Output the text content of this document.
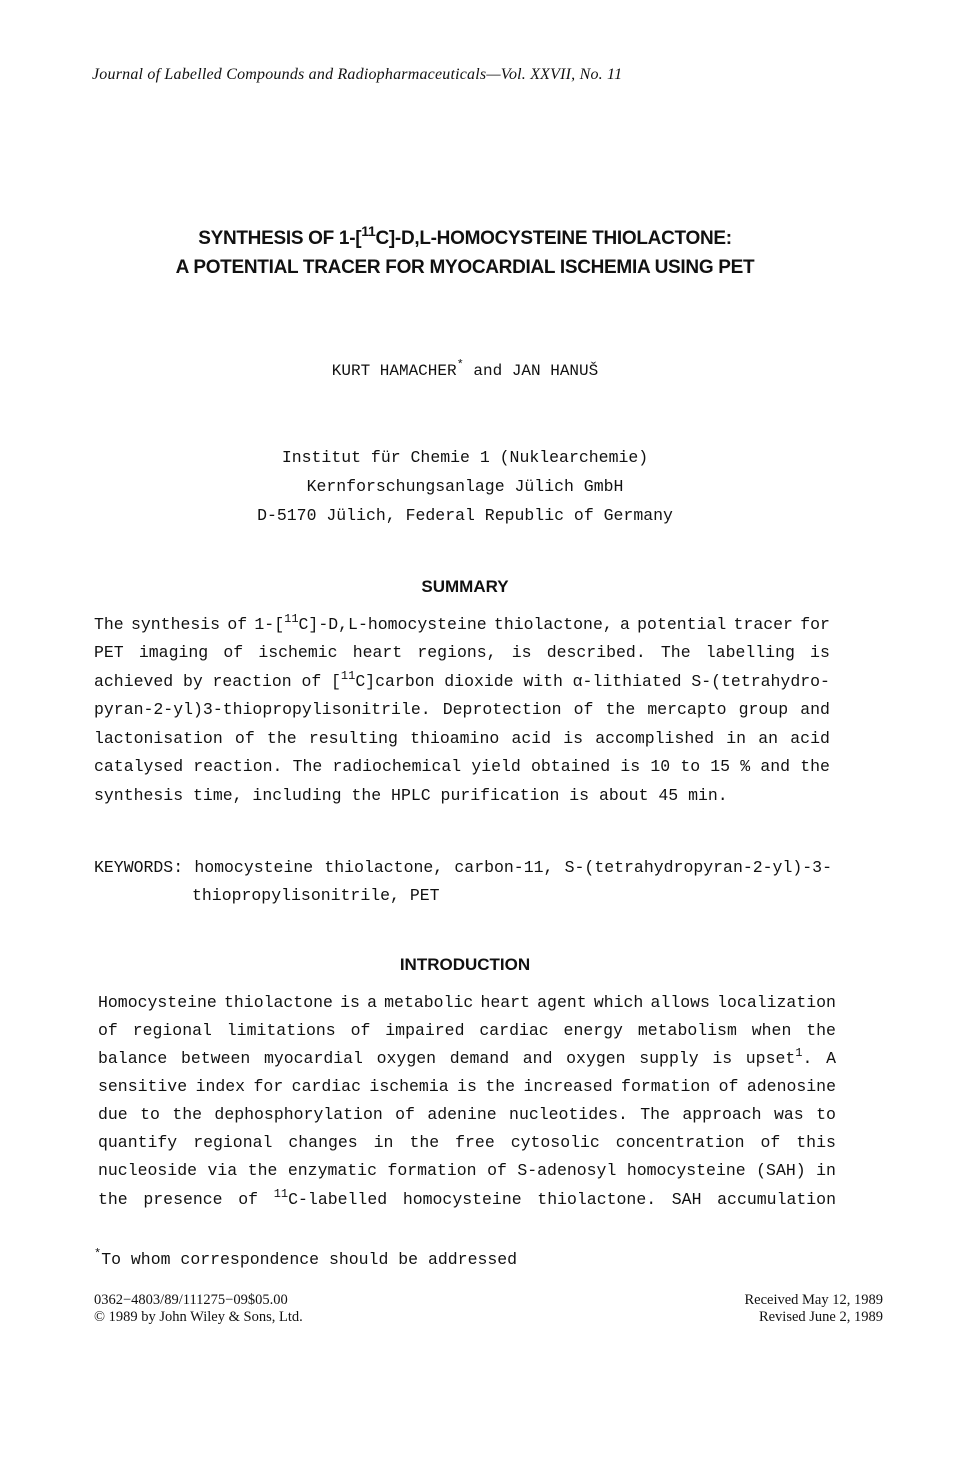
Journal of Labelled Compounds and Radiopharmaceuticals—Vol. XXVII, No. 11
SYNTHESIS OF 1-[$^{11}$C]-D,L-HOMOCYSTEINE THIOLACTONE:
A POTENTIAL TRACER FOR MYOCARDIAL ISCHEMIA USING PET
KURT HAMACHER* and JAN HANUŠ
Institut für Chemie 1 (Nuklearchemie)
Kernforschungsanlage Jülich GmbH
D-5170 Jülich, Federal Republic of Germany
SUMMARY
The synthesis of 1-[$^{11}$C]-D,L-homocysteine thiolactone, a potential tracer for
PET imaging of ischemic heart regions, is described. The labelling is
achieved by reaction of [$^{11}$C]carbon dioxide with α-lithiated S-(tetrahydro-
pyran-2-yl)3-thiopropylisonitrile. Deprotection of the mercapto group and
lactonisation of the resulting thioamino acid is accomplished in an acid
catalysed reaction. The radiochemical yield obtained is 10 to 15 % and the
synthesis time, including the HPLC purification is about 45 min.
KEYWORDS: homocysteine thiolactone, carbon-11, S-(tetrahydropyran-2-yl)-3-
thiopropylisonitrile, PET
INTRODUCTION
Homocysteine thiolactone is a metabolic heart agent which allows localization
of regional limitations of impaired cardiac energy metabolism when the
balance between myocardial oxygen demand and oxygen supply is upset$^1$. A
sensitive index for cardiac ischemia is the increased formation of adenosine
due to the dephosphorylation of adenine nucleotides. The approach was to
quantify regional changes in the free cytosolic concentration of this
nucleoside via the enzymatic formation of S-adenosyl homocysteine (SAH) in
the presence of $^{11}$C-labelled homocysteine thiolactone. SAH accumulation
*To whom correspondence should be addressed
0362−4803/89/111275−09$05.00
© 1989 by John Wiley & Sons, Ltd.
Received May 12, 1989
Revised June 2, 1989
